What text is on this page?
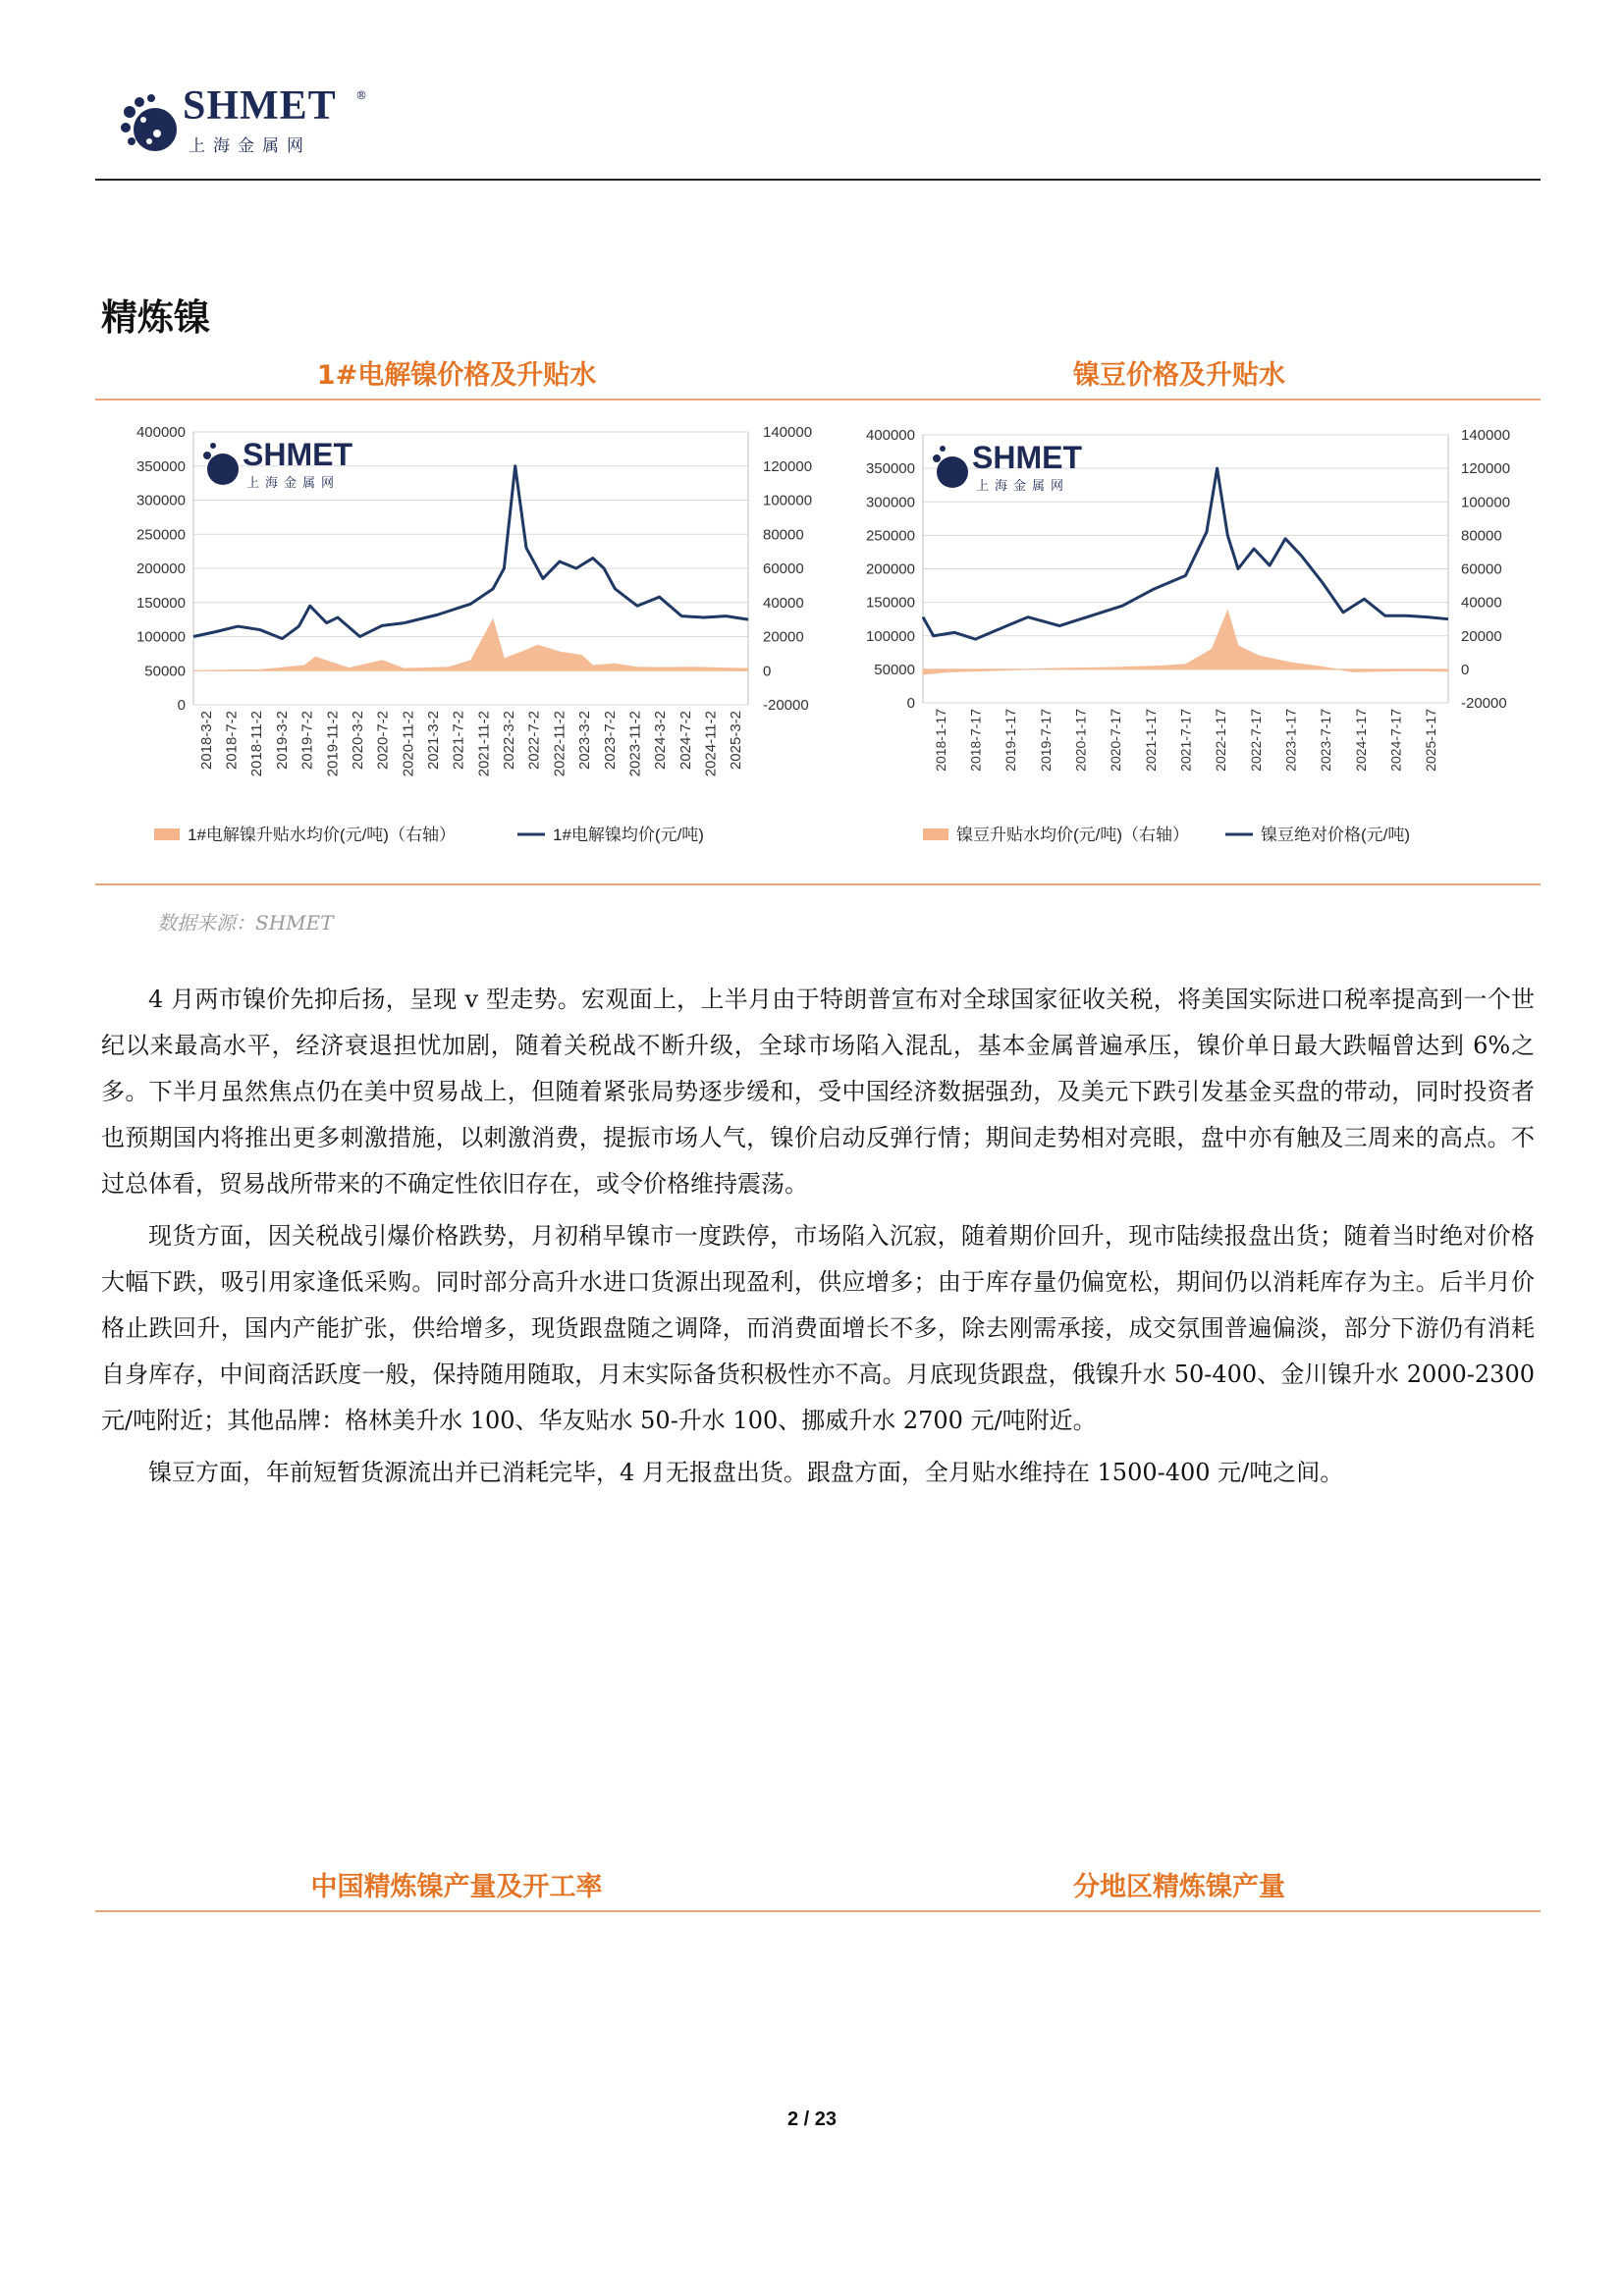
SHMET ®
上海金属网
精炼镍
1#电解镍价格及升贴水	镍豆价格及升贴水
400000
350000
300000
250000
200000
150000
100000
50000
0
140000
120000
100000
80000
60000
40000
20000
0
-20000
SHMET
上海金属网
2018-3-2 2018-7-2 2018-11-2 2019-3-2 2019-7-2 2019-11-2 2020-3-2 2020-7-2 2020-11-2 2021-3-2 2021-7-2 2021-11-2 2022-3-2 2022-7-2 2022-11-2 2023-3-2 2023-7-2 2023-11-2 2024-3-2 2024-7-2 2024-11-2 2025-3-2
1#电解镍升贴水均价(元/吨)（右轴）	1#电解镍均价(元/吨)
400000
350000
300000
250000
200000
150000
100000
50000
0
140000
120000
100000
80000
60000
40000
20000
0
-20000
SHMET
上海金属网
2018-1-17 2018-7-17 2019-1-17 2019-7-17 2020-1-17 2020-7-17 2021-1-17 2021-7-17 2022-1-17 2022-7-17 2023-1-17 2023-7-17 2024-1-17 2024-7-17 2025-1-17
镍豆升贴水均价(元/吨)（右轴）	镍豆绝对价格(元/吨)
数据来源：SHMET

4 月两市镍价先抑后扬，呈现 v 型走势。宏观面上，上半月由于特朗普宣布对全球国家征收关税，将美国实际进口税率提高到一个世纪以来最高水平，经济衰退担忧加剧，随着关税战不断升级，全球市场陷入混乱，基本金属普遍承压，镍价单日最大跌幅曾达到 6%之多。下半月虽然焦点仍在美中贸易战上，但随着紧张局势逐步缓和，受中国经济数据强劲，及美元下跌引发基金买盘的带动，同时投资者也预期国内将推出更多刺激措施，以刺激消费，提振市场人气，镍价启动反弹行情；期间走势相对亮眼，盘中亦有触及三周来的高点。不过总体看，贸易战所带来的不确定性依旧存在，或令价格维持震荡。

现货方面，因关税战引爆价格跌势，月初稍早镍市一度跌停，市场陷入沉寂，随着期价回升，现市陆续报盘出货；随着当时绝对价格大幅下跌，吸引用家逢低采购。同时部分高升水进口货源出现盈利，供应增多；由于库存量仍偏宽松，期间仍以消耗库存为主。后半月价格止跌回升，国内产能扩张，供给增多，现货跟盘随之调降，而消费面增长不多，除去刚需承接，成交氛围普遍偏淡，部分下游仍有消耗自身库存，中间商活跃度一般，保持随用随取，月末实际备货积极性亦不高。月底现货跟盘，俄镍升水 50-400、金川镍升水 2000-2300 元/吨附近；其他品牌：格林美升水 100、华友贴水 50-升水 100、挪威升水 2700 元/吨附近。

镍豆方面，年前短暂货源流出并已消耗完毕，4 月无报盘出货。跟盘方面，全月贴水维持在 1500-400 元/吨之间。

中国精炼镍产量及开工率	分地区精炼镍产量
2 / 23
